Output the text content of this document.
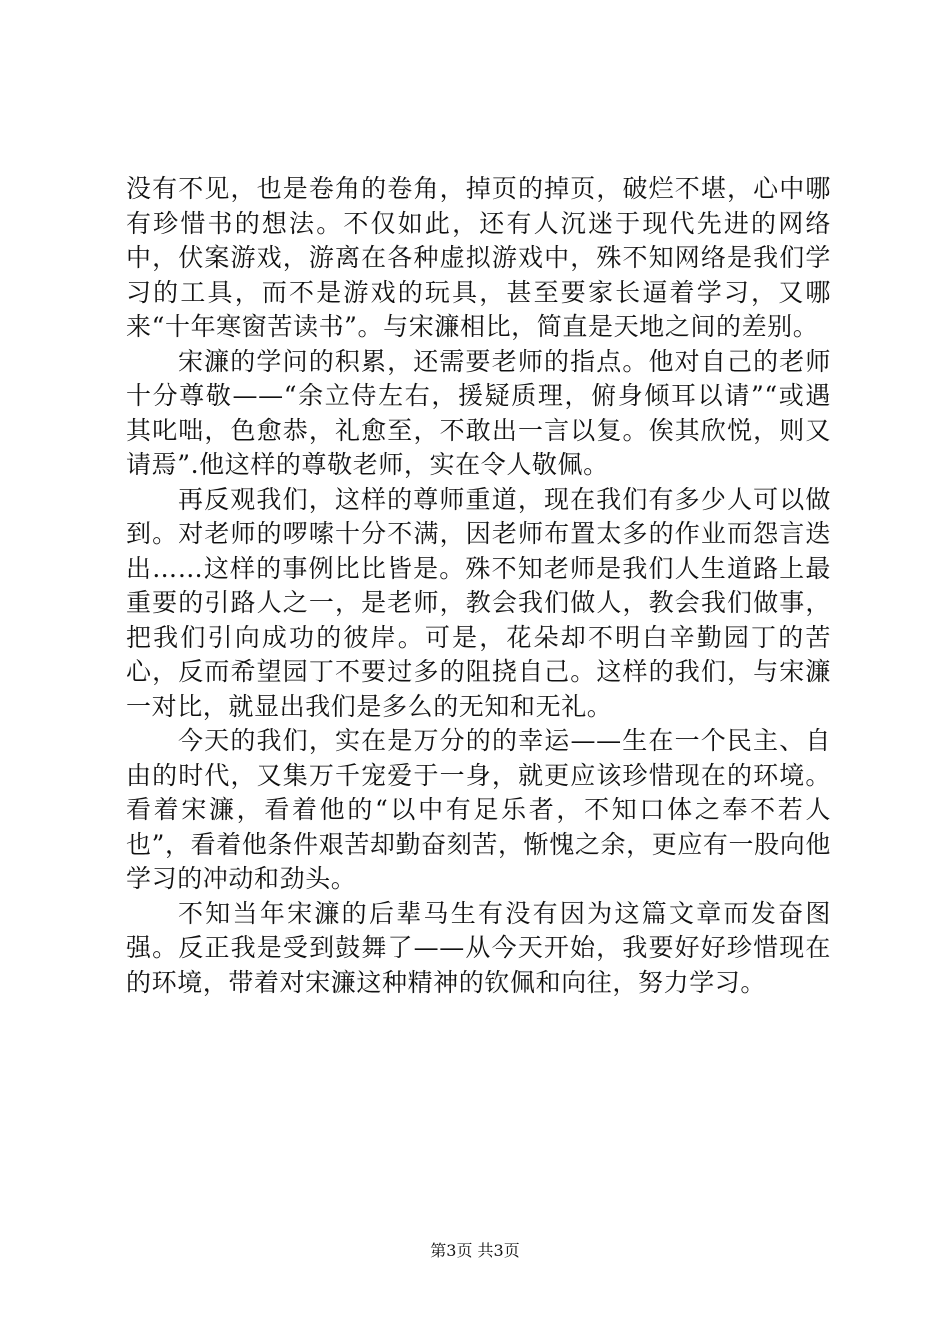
没有不见，也是卷角的卷角，掉页的掉页，破烂不堪，心中哪有珍惜书的想法。不仅如此，还有人沉迷于现代先进的网络中，伏案游戏，游离在各种虚拟游戏中，殊不知网络是我们学习的工具，而不是游戏的玩具，甚至要家长逼着学习，又哪来“十年寒窗苦读书”。与宋濂相比，简直是天地之间的差别。

宋濂的学问的积累，还需要老师的指点。他对自己的老师十分尊敬——“余立侍左右，援疑质理，俯身倾耳以请”“或遇其叱咄，色愈恭，礼愈至，不敢出一言以复。俟其欣悦，则又请焉”.他这样的尊敬老师，实在令人敬佩。

再反观我们，这样的尊师重道，现在我们有多少人可以做到。对老师的啰嗦十分不满，因老师布置太多的作业而怨言迭出……这样的事例比比皆是。殊不知老师是我们人生道路上最重要的引路人之一，是老师，教会我们做人，教会我们做事，把我们引向成功的彼岸。可是，花朵却不明白辛勤园丁的苦心，反而希望园丁不要过多的阻挠自己。这样的我们，与宋濂一对比，就显出我们是多么的无知和无礼。

今天的我们，实在是万分的的幸运——生在一个民主、自由的时代，又集万千宠爱于一身，就更应该珍惜现在的环境。看着宋濂，看着他的“以中有足乐者，不知口体之奉不若人也”，看着他条件艰苦却勤奋刻苦，惭愧之余，更应有一股向他学习的冲动和劲头。

不知当年宋濂的后辈马生有没有因为这篇文章而发奋图强。反正我是受到鼓舞了——从今天开始，我要好好珍惜现在的环境，带着对宋濂这种精神的钦佩和向往，努力学习。

第3页 共3页
